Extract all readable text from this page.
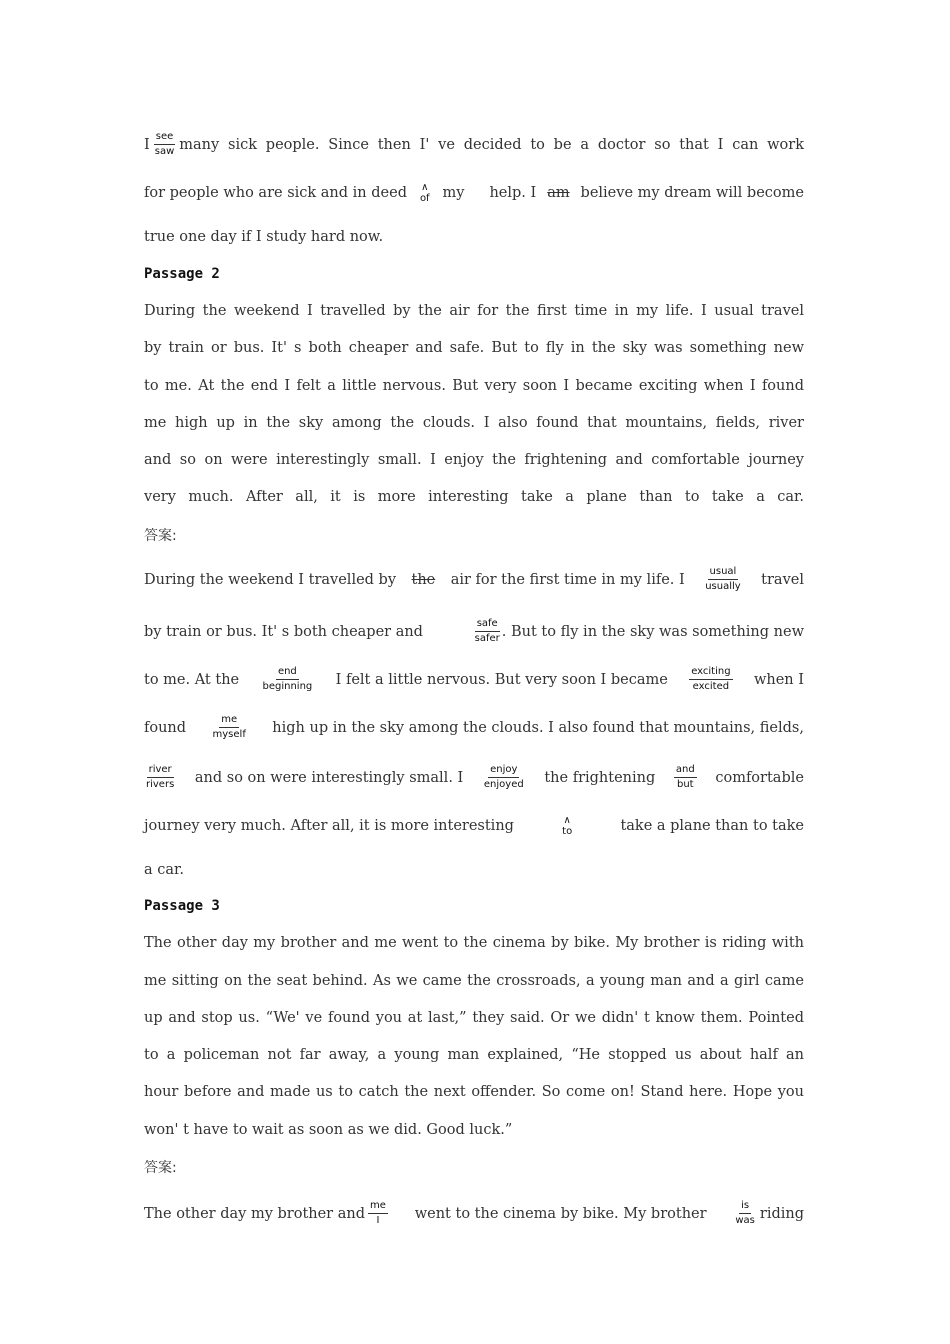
I see
saw many sick people. Since then I' ve decided to be a doctor so that I can work
for people who are sick and in deed ∧
of my help. I am believe my dream will become
true one day if I study hard now.
Passage 2
During the weekend I travelled by the air for the first time in my life. I usual travel
by train or bus. It' s both cheaper and safe. But to fly in the sky was something new
to me. At the end I felt a little nervous. But very soon I became exciting when I found
me high up in the sky among the clouds. I also found that mountains, fields, river
and so on were interestingly small. I enjoy the frightening and comfortable journey
very much. After all, it is more interesting take a plane than to take a car.
答案:
During the weekend I travelled by the air for the first time in my life. I usual
usually travel
by train or bus. It' s both cheaper and	safe
safer . But to fly in the sky was something new
to me. At the	end
beginning I felt a little nervous. But very soon I became exciting
excited when I
found	me
myself high up in the sky among the clouds. I also found that mountains, fields,
river
rivers and so on were interestingly small. I	enjoy
enjoyed the frightening and
but comfortable
journey very much. After all, it is more interesting	∧
to	take a plane than to take
a car.
Passage 3
The other day my brother and me went to the cinema by bike. My brother is riding with
me sitting on the seat behind. As we came the crossroads, a young man and a girl came
up and stop us. “We' ve found you at last,” they said. Or we didn' t know them. Pointed
to a policeman not far away, a young man explained, “He stopped us about half an
hour before and made us to catch the next offender. So come on! Stand here. Hope you
won' t have to wait as soon as we did. Good luck.”
答案:
The other day my brother and me
I went to the cinema by bike. My brother	is
was riding
